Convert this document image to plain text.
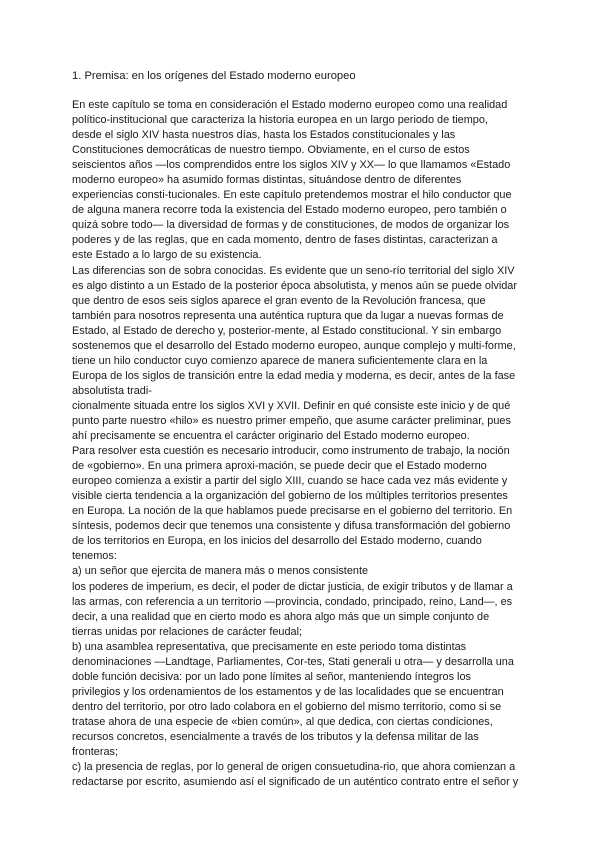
1. Premisa: en los orígenes del Estado moderno europeo
En este capítulo se toma en consideración el Estado moderno europeo como una realidad
político-institucional que caracteriza la historia europea en un largo periodo de tiempo,
desde el siglo XIV hasta nuestros días, hasta los Estados constitucionales y las
Constituciones democráticas de nuestro tiempo. Obviamente, en el curso de estos
seiscientos años —los comprendidos entre los siglos XIV y XX— lo que llamamos «Estado
moderno europeo» ha asumido formas distintas, situándose dentro de diferentes
experiencias consti-tucionales. En este capítulo pretendemos mostrar el hilo conductor que
de alguna manera recorre toda la existencia del Estado moderno europeo, pero también o
quizá sobre todo— la diversidad de formas y de constituciones, de modos de organizar los
poderes y de las reglas, que en cada momento, dentro de fases distintas, caracterizan a
este Estado a lo largo de su existencia.
Las diferencias son de sobra conocidas. Es evidente que un seno-río territorial del siglo XIV
es algo distinto a un Estado de la posterior época absolutista, y menos aún se puede olvidar
que dentro de esos seis siglos aparece el gran evento de la Revolución francesa, que
también para nosotros representa una auténtica ruptura que da lugar a nuevas formas de
Estado, al Estado de derecho y, posterior-mente, al Estado constitucional. Y sin embargo
sostenemos que el desarrollo del Estado moderno europeo, aunque complejo y multi-forme,
tiene un hilo conductor cuyo comienzo aparece de manera suficientemente clara en la
Europa de los siglos de transición entre la edad media y moderna, es decir, antes de la fase
absolutista tradi-
cionalmente situada entre los siglos XVI y XVII. Definir en qué consiste este inicio y de qué
punto parte nuestro «hilo» es nuestro primer empeño, que asume carácter preliminar, pues
ahí precisamente se encuentra el carácter originario del Estado moderno europeo.
Para resolver esta cuestión es necesario introducir, como instrumento de trabajo, la noción
de «gobierno». En una primera aproxi-mación, se puede decir que el Estado moderno
europeo comienza a existir a partir del siglo XIII, cuando se hace cada vez más evidente y
visible cierta tendencia a la organización del gobierno de los múltiples territorios presentes
en Europa. La noción de la que hablamos puede precisarse en el gobierno del territorio. En
síntesis, podemos decir que tenemos una consistente y difusa transformación del gobierno
de los territorios en Europa, en los inicios del desarrollo del Estado moderno, cuando
tenemos:
a) un señor que ejercita de manera más o menos consistente
los poderes de imperium, es decir, el poder de dictar justicia, de exigir tributos y de llamar a
las armas, con referencia a un territorio —provincia, condado, principado, reino, Land—, es
decir, a una realidad que en cierto modo es ahora algo más que un simple conjunto de
tierras unidas por relaciones de carácter feudal;
b) una asamblea representativa, que precisamente en este periodo toma distintas
denominaciones —Landtage, Parliamentes, Cor-tes, Stati generali u otra— y desarrolla una
doble función decisiva: por un lado pone límites al señor, manteniendo íntegros los
privilegios y los ordenamientos de los estamentos y de las localidades que se encuentran
dentro del territorio, por otro lado colabora en el gobierno del mismo territorio, como si se
tratase ahora de una especie de «bien común», al que dedica, con ciertas condiciones,
recursos concretos, esencialmente a través de los tributos y la defensa militar de las
fronteras;
c) la presencia de reglas, por lo general de origen consuetudina-rio, que ahora comienzan a
redactarse por escrito, asumiendo así el significado de un auténtico contrato entre el señor y
